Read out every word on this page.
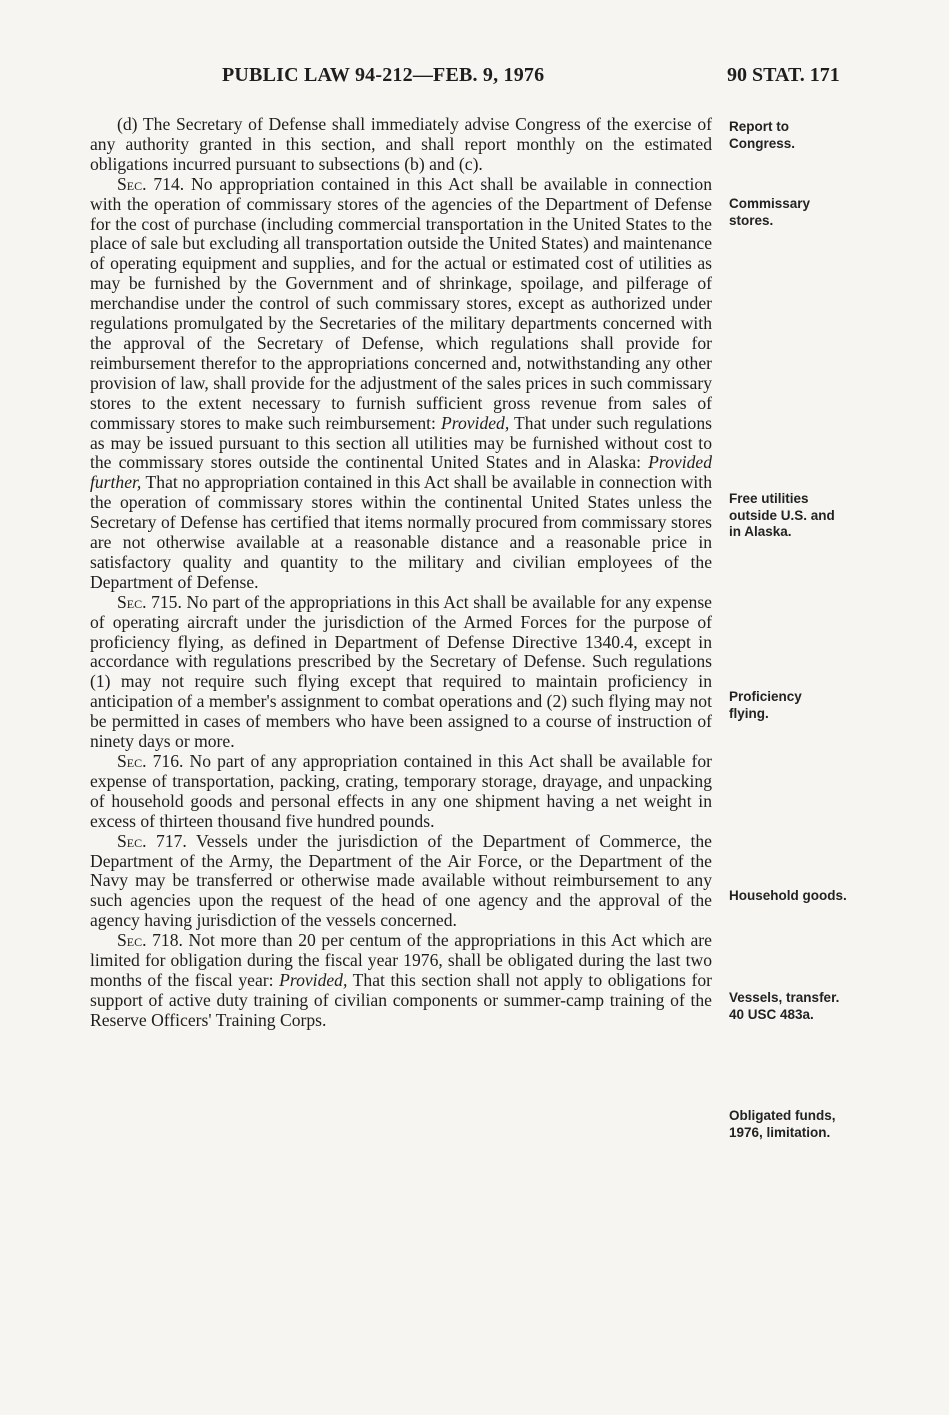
PUBLIC LAW 94-212—FEB. 9, 1976	90 STAT. 171

(d) The Secretary of Defense shall immediately advise Congress of the exercise of any authority granted in this section, and shall report monthly on the estimated obligations incurred pursuant to subsections (b) and (c).

Sec. 714. No appropriation contained in this Act shall be available in connection with the operation of commissary stores of the agencies of the Department of Defense for the cost of purchase (including commercial transportation in the United States to the place of sale but excluding all transportation outside the United States) and maintenance of operating equipment and supplies, and for the actual or estimated cost of utilities as may be furnished by the Government and of shrinkage, spoilage, and pilferage of merchandise under the control of such commissary stores, except as authorized under regulations promulgated by the Secretaries of the military departments concerned with the approval of the Secretary of Defense, which regulations shall provide for reimbursement therefor to the appropriations concerned and, notwithstanding any other provision of law, shall provide for the adjustment of the sales prices in such commissary stores to the extent necessary to furnish sufficient gross revenue from sales of commissary stores to make such reimbursement: Provided, That under such regulations as may be issued pursuant to this section all utilities may be furnished without cost to the commissary stores outside the continental United States and in Alaska: Provided further, That no appropriation contained in this Act shall be available in connection with the operation of commissary stores within the continental United States unless the Secretary of Defense has certified that items normally procured from commissary stores are not otherwise available at a reasonable distance and a reasonable price in satisfactory quality and quantity to the military and civilian employees of the Department of Defense.

Sec. 715. No part of the appropriations in this Act shall be available for any expense of operating aircraft under the jurisdiction of the Armed Forces for the purpose of proficiency flying, as defined in Department of Defense Directive 1340.4, except in accordance with regulations prescribed by the Secretary of Defense. Such regulations (1) may not require such flying except that required to maintain proficiency in anticipation of a member's assignment to combat operations and (2) such flying may not be permitted in cases of members who have been assigned to a course of instruction of ninety days or more.

Sec. 716. No part of any appropriation contained in this Act shall be available for expense of transportation, packing, crating, temporary storage, drayage, and unpacking of household goods and personal effects in any one shipment having a net weight in excess of thirteen thousand five hundred pounds.

Sec. 717. Vessels under the jurisdiction of the Department of Commerce, the Department of the Army, the Department of the Air Force, or the Department of the Navy may be transferred or otherwise made available without reimbursement to any such agencies upon the request of the head of one agency and the approval of the agency having jurisdiction of the vessels concerned.

Sec. 718. Not more than 20 per centum of the appropriations in this Act which are limited for obligation during the fiscal year 1976, shall be obligated during the last two months of the fiscal year: Provided, That this section shall not apply to obligations for support of active duty training of civilian components or summer-camp training of the Reserve Officers' Training Corps.

Report to
Congress.
Commissary
stores.
Free utilities
outside U.S. and
in Alaska.
Proficiency
flying.
Household goods.
Vessels, transfer.
40 USC 483a.
Obligated funds,
1976, limitation.
